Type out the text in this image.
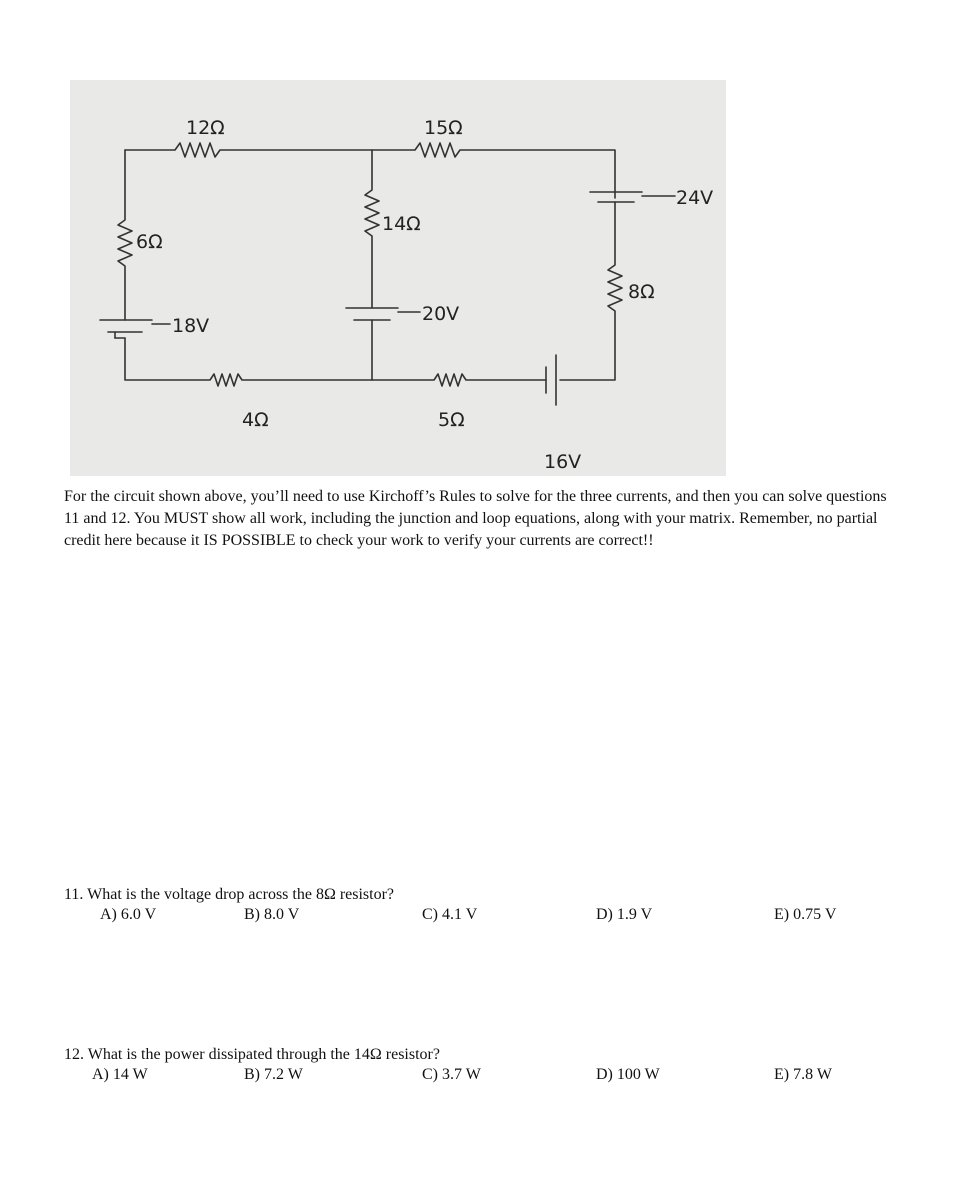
12Ω	15Ω
6Ω
14Ω
24V
8Ω
18V
20V
4Ω	5Ω
16V

For the circuit shown above, you’ll need to use Kirchoff’s Rules to solve for the three currents, and then you can solve questions 11 and 12. You MUST show all work, including the junction and loop equations, along with your matrix. Remember, no partial credit here because it IS POSSIBLE to check your work to verify your currents are correct!!

11. What is the voltage drop across the 8Ω resistor?
A) 6.0 V	B) 8.0 V	C) 4.1 V	D) 1.9 V	E) 0.75 V
12. What is the power dissipated through the 14Ω resistor?
A) 14 W	B) 7.2 W	C) 3.7 W	D) 100 W	E) 7.8 W
